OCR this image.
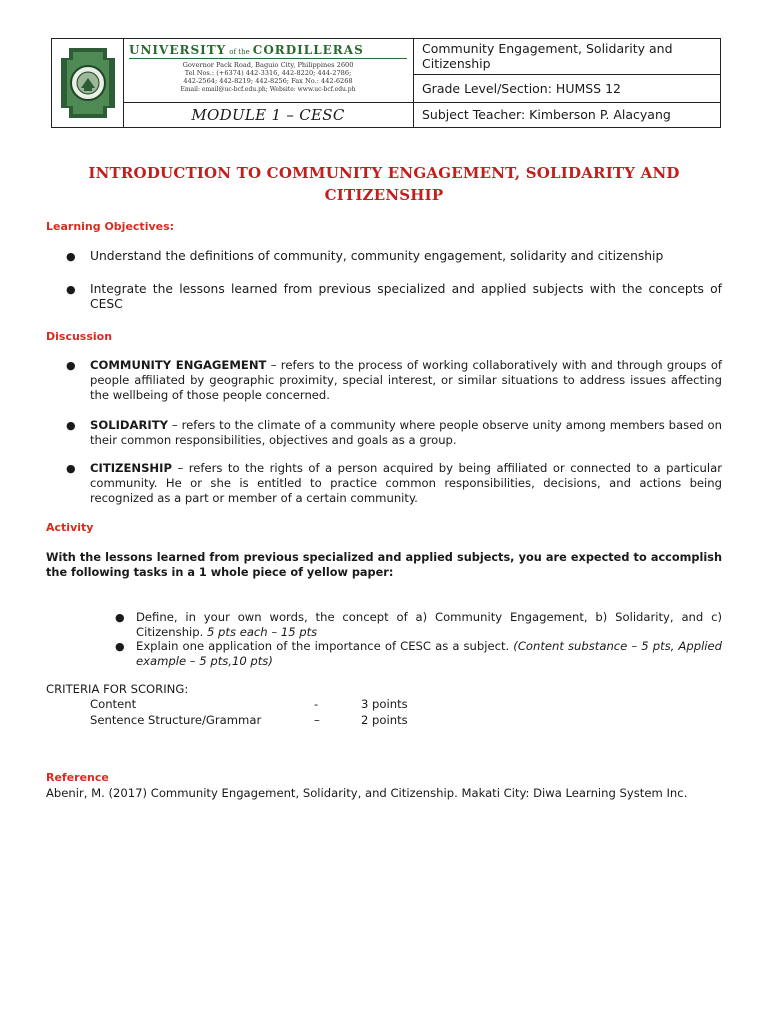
UNIVERSITY of the CORDILLERAS
Governor Pack Road, Baguio City, Philippines 2600
Tel Nos.: (+6374) 442-3316, 442-8220; 444-2786;
442-2564; 442-8219; 442-8256; Fax No.: 442-6268
Email: email@uc-bcf.edu.ph; Website: www.uc-bcf.edu.ph
MODULE 1 – CESC
Community Engagement, Solidarity and Citizenship
Grade Level/Section: HUMSS 12
Subject Teacher: Kimberson P. Alacyang
INTRODUCTION TO COMMUNITY ENGAGEMENT, SOLIDARITY AND CITIZENSHIP
Learning Objectives:
● Understand the definitions of community, community engagement, solidarity and citizenship
● Integrate the lessons learned from previous specialized and applied subjects with the concepts of CESC
Discussion
● COMMUNITY ENGAGEMENT – refers to the process of working collaboratively with and through groups of people affiliated by geographic proximity, special interest, or similar situations to address issues affecting the wellbeing of those people concerned.
● SOLIDARITY – refers to the climate of a community where people observe unity among members based on their common responsibilities, objectives and goals as a group.
● CITIZENSHIP – refers to the rights of a person acquired by being affiliated or connected to a particular community. He or she is entitled to practice common responsibilities, decisions, and actions being recognized as a part or member of a certain community.
Activity
With the lessons learned from previous specialized and applied subjects, you are expected to accomplish the following tasks in a 1 whole piece of yellow paper:
● Define, in your own words, the concept of a) Community Engagement, b) Solidarity, and c) Citizenship. 5 pts each – 15 pts
● Explain one application of the importance of CESC as a subject. (Content substance – 5 pts, Applied example – 5 pts,10 pts)
CRITERIA FOR SCORING:
Content	-	3 points
Sentence Structure/Grammar	–	2 points
Reference
Abenir, M. (2017) Community Engagement, Solidarity, and Citizenship. Makati City: Diwa Learning System Inc.
